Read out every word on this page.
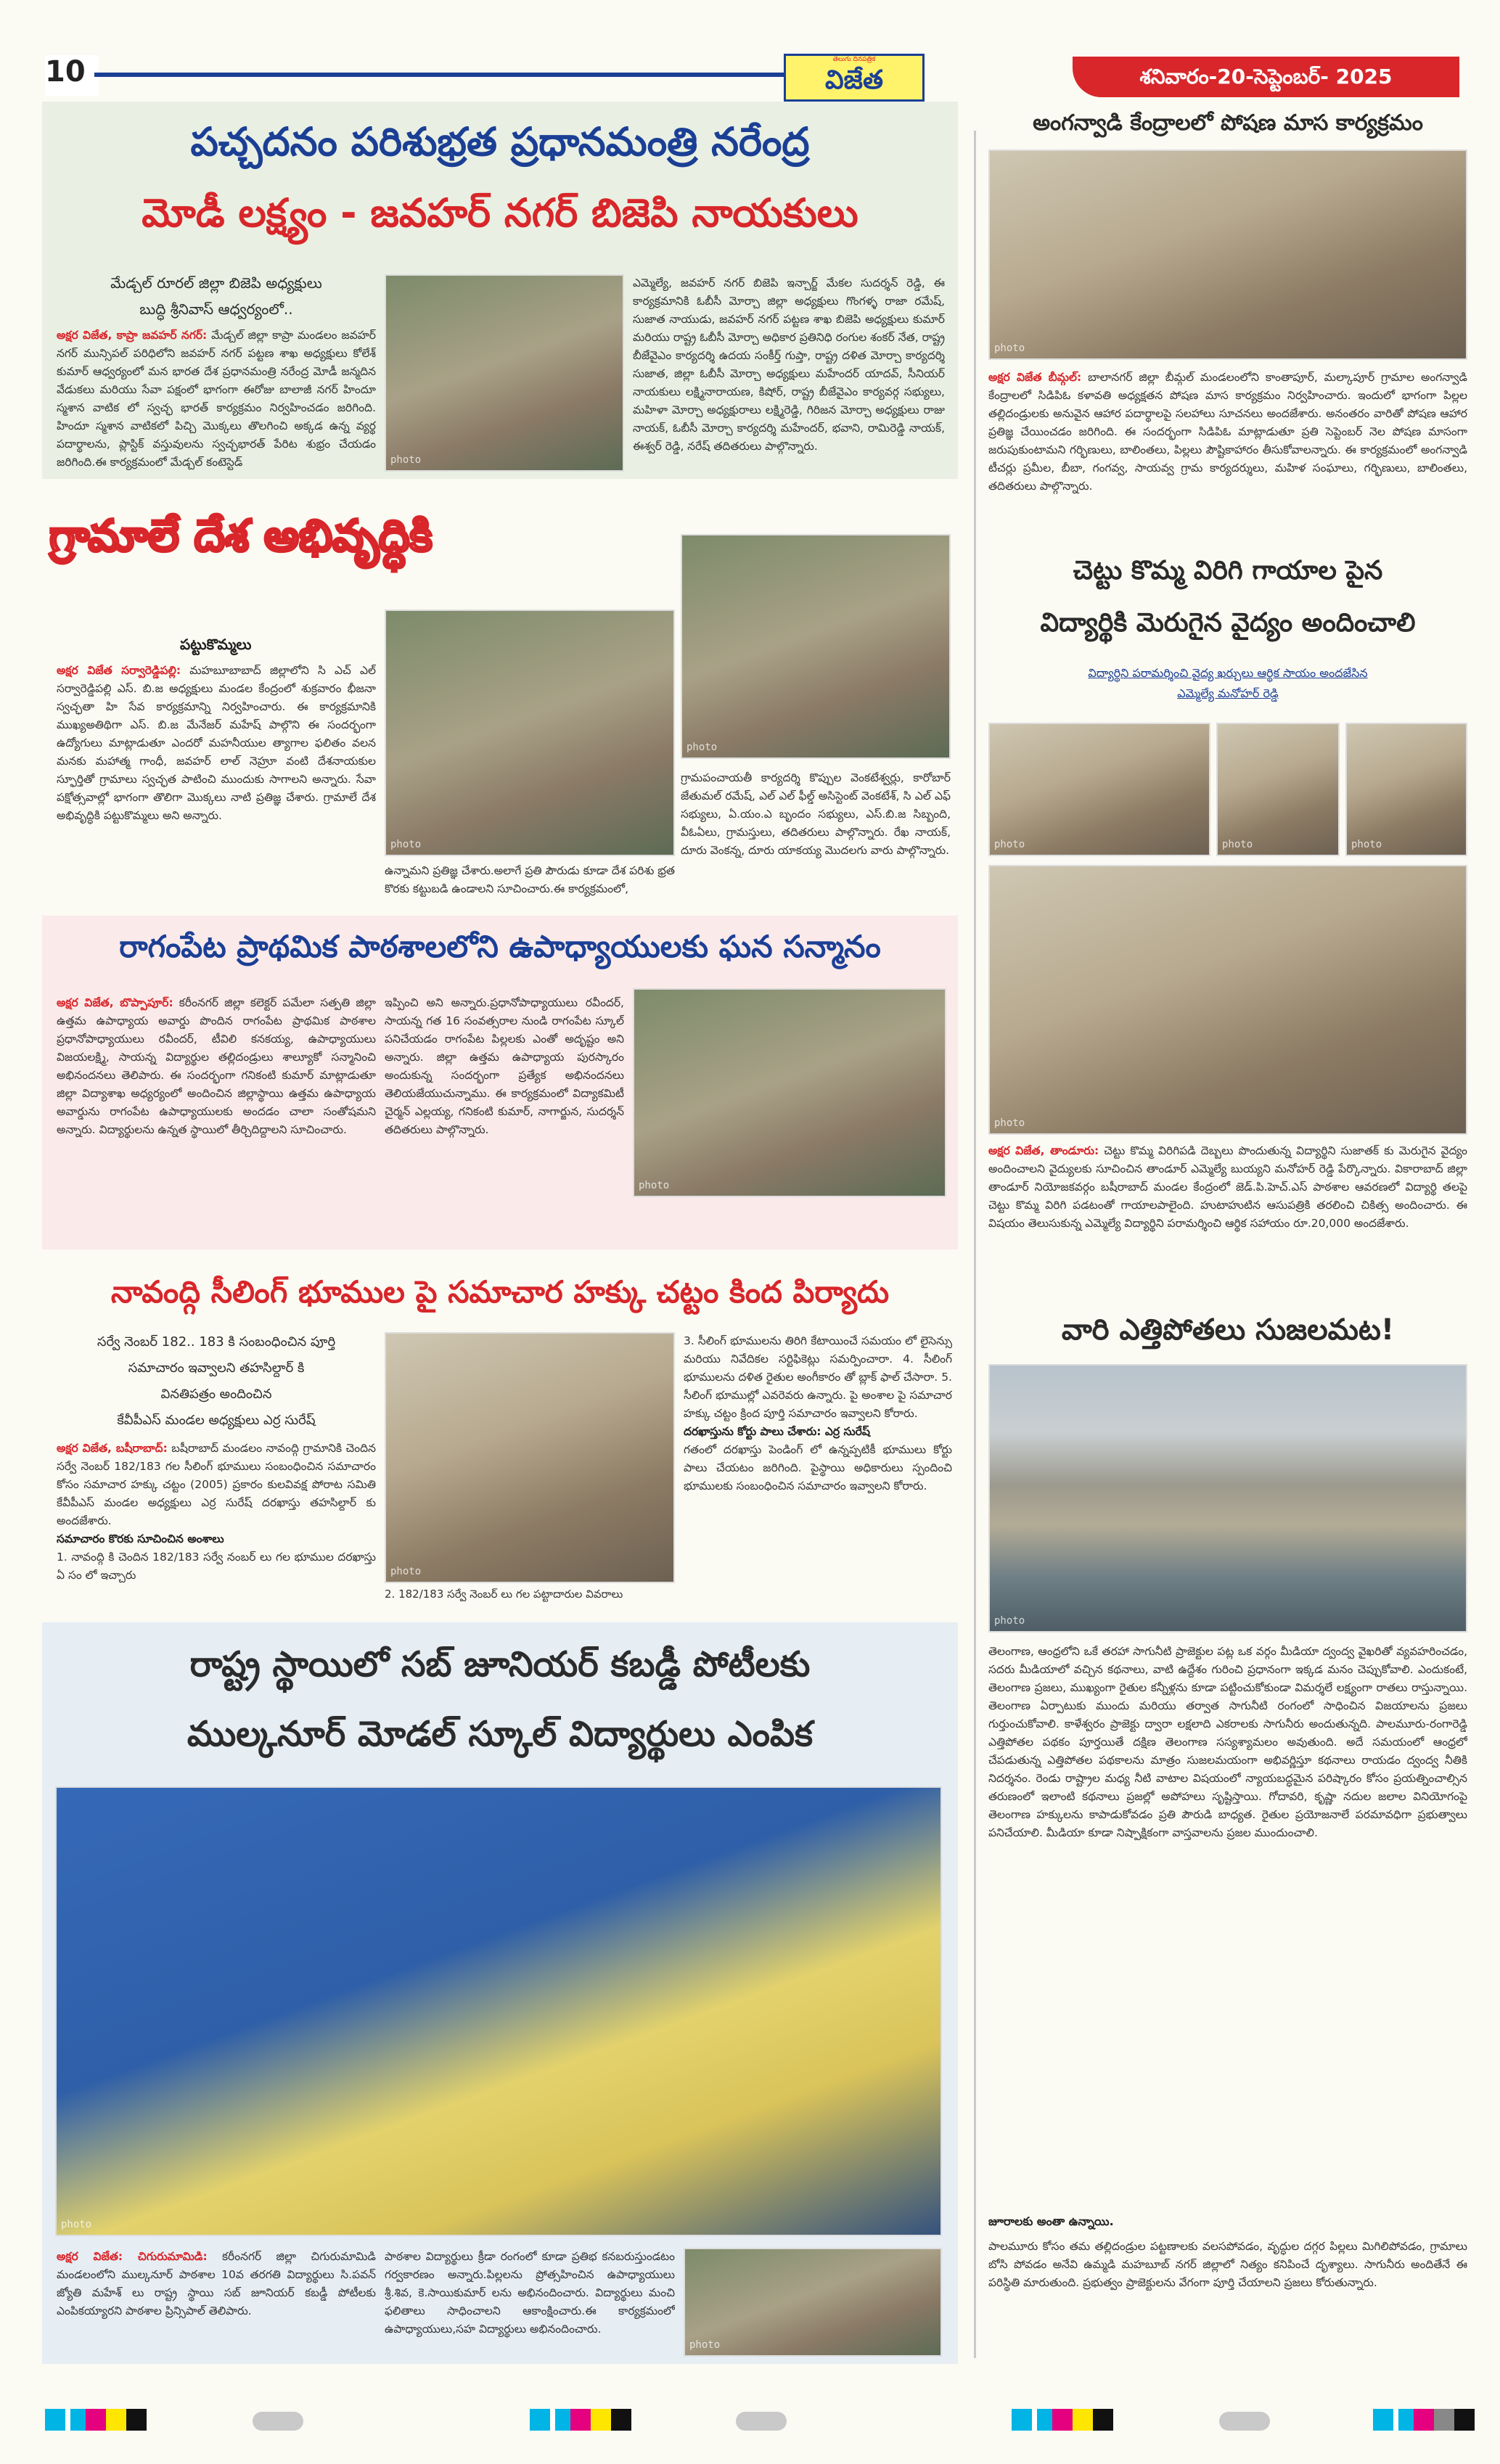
10	తెలుగు దినపత్రిక
విజేత	శనివారం-20-సెప్టెంబర్- 2025
పచ్చదనం పరిశుభ్రత ప్రధానమంత్రి నరేంద్ర
మోడీ లక్ష్యం - జవహర్ నగర్ బిజెపి నాయకులు
మేడ్చల్ రూరల్ జిల్లా బిజెపి అధ్యక్షులు
బుద్ధి శ్రీనివాస్ ఆధ్వర్యంలో..
అక్షర విజేత, కాప్రా జవహర్ నగర్: మేడ్చల్ జిల్లా కాప్రా మండలం జవహర్ నగర్ మున్సిపల్ పరిధిలోని జవహర్ నగర్ పట్టణ శాఖ అధ్యక్షులు కోలేశ్ కుమార్ ఆధ్వర్యంలో మన భారత దేశ ప్రధానమంత్రి నరేంద్ర మోడీ జన్మదిన వేడుకలు మరియు సేవా పక్షంలో భాగంగా ఈరోజు బాలాజీ నగర్ హిందూ స్మశాన వాటిక లో స్వచ్ఛ భారత్ కార్యక్రమం నిర్వహించడం జరిగింది. హిందూ స్మశాన వాటికలో పిచ్చి మొక్కలు తొలగించి అక్కడ ఉన్న వ్యర్థ పదార్థాలను, ప్లాస్టిక్ వస్తువులను స్వచ్ఛభారత్ పేరిట శుభ్రం చేయడం జరిగింది.ఈ కార్యక్రమంలో మేడ్చల్ కంటెస్టెడ్	photo
ఎమ్మెల్యే, జవహర్ నగర్ బిజెపి ఇన్చార్జ్ మేకల సుదర్శన్ రెడ్డి, ఈ కార్యక్రమానికి ఓబీసీ మోర్చా జిల్లా అధ్యక్షులు గొంగళ్ళ రాజా రమేష్, సుజాత నాయుడు, జవహర్ నగర్ పట్టణ శాఖ బిజెపి అధ్యక్షులు కుమార్ మరియు రాష్ట్ర ఓబీసీ మోర్చా అధికార ప్రతినిధి రంగుల శంకర్ నేత, రాష్ట్ర బీజేవైఎం కార్యదర్శి ఉదయ సంకీర్త్ గుప్తా, రాష్ట్ర దళిత మోర్చా కార్యదర్శి సుజాత, జిల్లా ఓబీసీ మోర్చా అధ్యక్షులు మహేందర్ యాదవ్, సీనియర్ నాయకులు లక్ష్మినారాయణ, కిషోర్, రాష్ట్ర బీజేవైఎం కార్యవర్గ సభ్యులు, మహిళా మోర్చా అధ్యక్షురాలు లక్ష్మిరెడ్డి, గిరిజన మోర్చా అధ్యక్షులు రాజు నాయక్, ఓబీసీ మోర్చా కార్యదర్శి మహేందర్, భవాని, రామిరెడ్డి నాయక్, ఈశ్వర్ రెడ్డి, నరేష్ తదితరులు పాల్గొన్నారు.
గ్రామాలే దేశ అభివృద్ధికి
పట్టుకొమ్మలు
అక్షర విజేత సర్వారెడ్డిపల్లి: మహబూబాబాద్ జిల్లాలోని సి ఎచ్ ఎల్ సర్వారెడ్డిపల్లి ఎస్. బి.జ అధ్యక్షులు మండల కేంద్రంలో శుక్రవారం భీజనా స్వచ్ఛతా హి సేవ కార్యక్రమాన్ని నిర్వహించారు. ఈ కార్యక్రమానికి ముఖ్యఅతిథిగా ఎస్. బి.జ మేనేజర్ మహేష్ పాల్గొని ఈ సందర్భంగా ఉద్యోగులు మాట్లాడుతూ ఎందరో మహనీయుల త్యాగాల ఫలితం వలన మనకు మహాత్మ గాంధీ, జవహర్ లాల్ నెహ్రూ వంటి దేశనాయకుల స్ఫూర్తితో గ్రామాలు స్వచ్ఛత పాటించి ముందుకు సాగాలని అన్నారు. సేవా పక్షోత్సవాల్లో భాగంగా తొలిగా మొక్కలు నాటి ప్రతిజ్ఞ చేశారు. గ్రామాలే దేశ అభివృద్ధికి పట్టుకొమ్మలు అని అన్నారు.
photo
photo
ఉన్నామని ప్రతిజ్ఞ చేశారు.అలాగే ప్రతి పౌరుడు కూడా దేశ పరిశు భ్రత కొరకు కట్టుబడి ఉండాలని సూచించారు.ఈ కార్యక్రమంలో,
గ్రామపంచాయతీ కార్యదర్శి కొప్పుల వెంకటేశ్వర్లు, కారోబార్ జేతుమల్ రమేష్, ఎల్ ఎల్ ఫీల్డ్ అసిస్టెంట్ వెంకటేశ్, సి ఎల్ ఎఫ్ సభ్యులు, ఏ.యం.ఎ బృందం సభ్యులు, ఎస్.బి.జ సిబ్బంది, వీఓఏలు, గ్రామస్తులు, తదితరులు పాల్గొన్నారు. రేఖ నాయక్, దూరు వెంకన్న, దూరు యాకయ్య మొదలగు వారు పాల్గొన్నారు.
రాగంపేట ప్రాథమిక పాఠశాలలోని ఉపాధ్యాయులకు ఘన సన్మానం
అక్షర విజేత, బొప్పాపూర్: కరీంనగర్ జిల్లా కలెక్టర్ పమేలా సత్పతి జిల్లా ఉత్తమ ఉపాధ్యాయ అవార్డు పొందిన రాగంపేట ప్రాథమిక పాఠశాల ప్రధానోపాధ్యాయులు రవీందర్, టీవిలి కనకయ్య, ఉపాధ్యాయులు విజయలక్ష్మి, సాయన్న విద్యార్థుల తల్లిదండ్రులు శాల్యూకో సన్మానించి అభినందనలు తెలిపారు. ఈ సందర్భంగా గనికంటి కుమార్ మాట్లాడుతూ జిల్లా విద్యాశాఖ అధ్యర్యంలో అందించిన జిల్లాస్థాయి ఉత్తమ ఉపాధ్యాయ అవార్డును రాగంపేట ఉపాధ్యాయులకు అందడం చాలా సంతోషమని అన్నారు. విద్యార్థులను ఉన్నత స్థాయిలో తీర్చిదిద్దాలని సూచించారు.
ఇప్పించి అని అన్నారు.ప్రధానోపాధ్యాయులు రవీందర్, సాయన్న గత 16 సంవత్సరాల నుండి రాగంపేట స్కూల్ పనిచేయడం రాగంపేట పిల్లలకు ఎంతో అదృష్టం అని అన్నారు. జిల్లా ఉత్తమ ఉపాధ్యాయ పురస్కారం అందుకున్న సందర్భంగా ప్రత్యేక అభినందనలు తెలియజేయుచున్నాము. ఈ కార్యక్రమంలో విద్యాకమిటీ చైర్మన్ ఎల్లయ్య, గనికంటి కుమార్, నాగార్జున, సుదర్శన్ తదితరులు పాల్గొన్నారు.
photo
నావంద్గి సీలింగ్ భూముల పై సమాచార హక్కు చట్టం కింద పిర్యాదు
సర్వే నెంబర్ 182.. 183 కి సంబంధించిన పూర్తి
సమాచారం ఇవ్వాలని తహసిల్దార్ కి
వినతిపత్రం అందించిన
కేవీపీఎస్ మండల అధ్యక్షులు ఎర్ర సురేష్
అక్షర విజేత, బషీరాబాద్: బషీరాబాద్ మండలం నావంద్గి గ్రామానికి చెందిన సర్వే నెంబర్ 182/183 గల సీలింగ్ భూములు సంబంధించిన సమాచారం కోసం సమాచార హక్కు చట్టం (2005) ప్రకారం కులవివక్ష పోరాట సమితి కేవీపీఎస్ మండల అధ్యక్షులు ఎర్ర సురేష్ దరఖాస్తు తహసిల్దార్ కు అందజేశారు.
సమాచారం కొరకు సూచించిన అంశాలు
1. నావంద్గి కి చెందిన 182/183 సర్వే నంబర్ లు గల భూముల దరఖాస్తు ఏ సం లో ఇచ్చారు	photo
2. 182/183 సర్వే నెంబర్ లు గల పట్టాదారుల వివరాలు
3. సీలింగ్ భూములను తిరిగి కేటాయించే సమయం లో లైసెన్సు మరియు నివేదికల సర్టిఫికెట్లు సమర్పించారా. 4. సీలింగ్ భూములను దళిత రైతుల అంగీకారం తో బ్లాక్ ఫాల్ చేసారా. 5. సీలింగ్ భూముల్లో ఎవరెవరు ఉన్నారు. పై అంశాల పై సమాచార హక్కు చట్టం క్రింద పూర్తి సమాచారం ఇవ్వాలని కోరారు.
దరఖాస్తును కోర్టు పాలు చేశారు: ఎర్ర సురేష్
గతంలో దరఖాస్తు పెండింగ్ లో ఉన్నప్పటికీ భూములు కోర్టు పాలు చేయటం జరిగింది. పైస్థాయి అధికారులు స్పందించి భూములకు సంబంధించిన సమాచారం ఇవ్వాలని కోరారు.
రాష్ట్ర స్థాయిలో సబ్ జూనియర్ కబడ్డీ పోటీలకు
ముల్కనూర్ మోడల్ స్కూల్ విద్యార్థులు ఎంపిక
photo
అక్షర విజేత: చిగురుమామిడి: కరీంనగర్ జిల్లా చిగురుమామిడి మండలంలోని ముల్కనూర్ పాఠశాల 10వ తరగతి విద్యార్థులు సి.పవన్ జ్యోతి మహేశ్ లు రాష్ట్ర స్థాయి సబ్ జూనియర్ కబడ్డీ పోటీలకు ఎంపికయ్యారని పాఠశాల ప్రిన్సిపాల్ తెలిపారు.
పాఠశాల విద్యార్థులు క్రీడా రంగంలో కూడా ప్రతిభ కనబరుస్తుండటం గర్వకారణం అన్నారు.పిల్లలను ప్రోత్సహించిన ఉపాధ్యాయులు శ్రీ.శివ, కె.సాయికుమార్ లను అభినందించారు. విద్యార్థులు మంచి ఫలితాలు సాధించాలని ఆకాంక్షించారు.ఈ కార్యక్రమంలో ఉపాధ్యాయులు,సహ విద్యార్థులు అభినందించారు.
photo
అంగన్వాడి కేంద్రాలలో పోషణ మాస కార్యక్రమం
photo
అక్షర విజేత బీమ్గల్: బాలానగర్ జిల్లా బీమ్గల్ మండలంలోని కాంతాపూర్, మల్కాపూర్ గ్రామాల అంగన్వాడి కేంద్రాలలో సిడిపిఓ కళావతి అధ్యక్షతన పోషణ మాస కార్యక్రమం నిర్వహించారు. ఇందులో భాగంగా పిల్లల తల్లిదండ్రులకు అనువైన ఆహార పదార్థాలపై సలహాలు సూచనలు అందజేశారు. అనంతరం వారితో పోషణ ఆహార ప్రతిజ్ఞ చేయించడం జరిగింది. ఈ సందర్భంగా సిడిపిఓ మాట్లాడుతూ ప్రతి సెప్టెంబర్ నెల పోషణ మాసంగా జరుపుకుంటామని గర్భిణులు, బాలింతలు, పిల్లలు పౌష్టికాహారం తీసుకోవాలన్నారు. ఈ కార్యక్రమంలో అంగన్వాడి టీచర్లు ప్రమీల, బీబా, గంగవ్వ, సాయవ్వ గ్రామ కార్యదర్శులు, మహిళ సంఘాలు, గర్భిణులు, బాలింతలు, తదితరులు పాల్గొన్నారు.
చెట్టు కొమ్మ విరిగి గాయాల పైన
విద్యార్థికి మెరుగైన వైద్యం అందించాలి
విద్యార్థిని పరామర్శించి వైద్య ఖర్చులు ఆర్థిక సాయం అందజేసిన
ఎమ్మెల్యే మనోహర్ రెడ్డి
photo	photo	photo
photo
అక్షర విజేత, తాండూరు: చెట్టు కొమ్మ విరిగిపడి దెబ్బలు పొందుతున్న విద్యార్థిని సుజాతక్ కు మెరుగైన వైద్యం అందించాలని వైద్యులకు సూచించిన తాండూర్ ఎమ్మెల్యే బుయ్యని మనోహర్ రెడ్డి పేర్కొన్నారు. వికారాబాద్ జిల్లా తాండూర్ నియోజకవర్గం బషీరాబాద్ మండల కేంద్రంలో జెడ్.పి.హెచ్.ఎస్ పాఠశాల ఆవరణలో విద్యార్థి తలపై చెట్టు కొమ్మ విరిగి పడటంతో గాయాలపాలైంది. హుటాహుటిన ఆసుపత్రికి తరలించి చికిత్స అందించారు. ఈ విషయం తెలుసుకున్న ఎమ్మెల్యే విద్యార్థిని పరామర్శించి ఆర్థిక సహాయం రూ.20,000 అందజేశారు.
వారి ఎత్తిపోతలు సుజలమట!
photo
తెలంగాణ, ఆంధ్రలోని ఒకే తరహా సాగునీటి ప్రాజెక్టుల పట్ల ఒక వర్గం మీడియా ద్వంద్వ వైఖరితో వ్యవహరించడం, సదరు మీడియాలో వచ్చిన కథనాలు, వాటి ఉద్దేశం గురించి ప్రధానంగా ఇక్కడ మనం చెప్పుకోవాలి. ఎందుకంటే, తెలంగాణ ప్రజలు, ముఖ్యంగా రైతుల కన్నీళ్లను కూడా పట్టించుకోకుండా విమర్శలే లక్ష్యంగా రాతలు రాస్తున్నాయి. తెలంగాణ ఏర్పాటుకు ముందు మరియు తర్వాత సాగునీటి రంగంలో సాధించిన విజయాలను ప్రజలు గుర్తుంచుకోవాలి. కాళేశ్వరం ప్రాజెక్టు ద్వారా లక్షలాది ఎకరాలకు సాగునీరు అందుతున్నది. పాలమూరు-రంగారెడ్డి ఎత్తిపోతల పథకం పూర్తయితే దక్షిణ తెలంగాణ సస్యశ్యామలం అవుతుంది. అదే సమయంలో ఆంధ్రలో చేపడుతున్న ఎత్తిపోతల పథకాలను మాత్రం సుజలమయంగా అభివర్ణిస్తూ కథనాలు రాయడం ద్వంద్వ నీతికి నిదర్శనం. రెండు రాష్ట్రాల మధ్య నీటి వాటాల విషయంలో న్యాయబద్ధమైన పరిష్కారం కోసం ప్రయత్నించాల్సిన తరుణంలో ఇలాంటి కథనాలు ప్రజల్లో అపోహలు సృష్టిస్తాయి. గోదావరి, కృష్ణా నదుల జలాల వినియోగంపై తెలంగాణ హక్కులను కాపాడుకోవడం ప్రతి పౌరుడి బాధ్యత. రైతుల ప్రయోజనాలే పరమావధిగా ప్రభుత్వాలు పనిచేయాలి. మీడియా కూడా నిష్పాక్షికంగా వాస్తవాలను ప్రజల ముందుంచాలి.
జూరాలకు అంతా ఉన్నాయి.
పాలమూరు కోసం తమ తల్లిదండ్రుల పట్టణాలకు వలసపోవడం, వృద్ధుల దగ్గర పిల్లలు మిగిలిపోవడం, గ్రామాలు బోసి పోవడం అనేవి ఉమ్మడి మహబూబ్ నగర్ జిల్లాలో నిత్యం కనిపించే దృశ్యాలు. సాగునీరు అందితేనే ఈ పరిస్థితి మారుతుంది. ప్రభుత్వం ప్రాజెక్టులను వేగంగా పూర్తి చేయాలని ప్రజలు కోరుతున్నారు.
